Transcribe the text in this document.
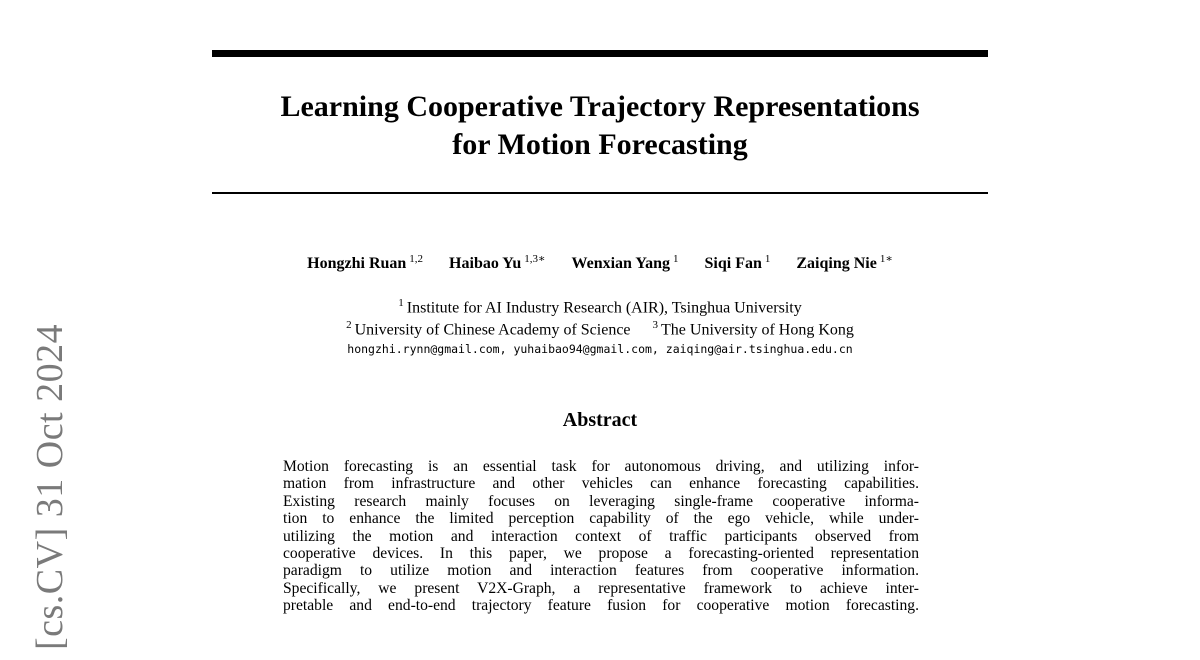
[cs.CV] 31 Oct 2024
Learning Cooperative Trajectory Representations
for Motion Forecasting
Hongzhi Ruan $^{1,2}$ Haibao Yu $^{1,3∗}$ Wenxian Yang $^1$ Siqi Fan $^1$ Zaiqing Nie $^{1∗}$
$^1$ Institute for AI Industry Research (AIR), Tsinghua University
$^2$ University of Chinese Academy of Science $^3$ The University of Hong Kong
hongzhi.rynn@gmail.com, yuhaibao94@gmail.com, zaiqing@air.tsinghua.edu.cn
Abstract
Motion forecasting is an essential task for autonomous driving, and utilizing infor-
mation from infrastructure and other vehicles can enhance forecasting capabilities.
Existing research mainly focuses on leveraging single-frame cooperative informa-
tion to enhance the limited perception capability of the ego vehicle, while under-
utilizing the motion and interaction context of traffic participants observed from
cooperative devices. In this paper, we propose a forecasting-oriented representation
paradigm to utilize motion and interaction features from cooperative information.
Specifically, we present V2X-Graph, a representative framework to achieve inter-
pretable and end-to-end trajectory feature fusion for cooperative motion forecasting.
